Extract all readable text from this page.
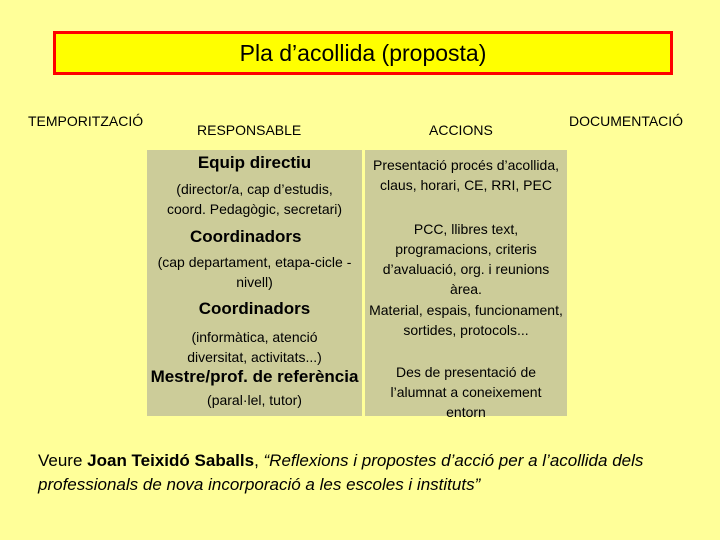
Pla d’acollida (proposta)
TEMPORITZACIÓ
RESPONSABLE	ACCIONS
DOCUMENTACIÓ
Equip directiu
(director/a, cap d’estudis, coord. Pedagògic, secretari)
Presentació procés d’acollida, claus, horari, CE, RRI, PEC
Coordinadors
(cap departament, etapa-cicle -nivell)
PCC, llibres text, programacions, criteris d’avaluació, org. i reunions àrea.
Coordinadors
(informàtica, atenció diversitat, activitats...)
Material, espais, funcionament, sortides, protocols...
Mestre/prof. de referència (paral·lel, tutor)
Des de presentació de l’alumnat a coneixement entorn
Veure Joan Teixidó Saballs, “Reflexions i propostes d’acció per a l’acollida dels professionals de nova incorporació a les escoles i instituts”
